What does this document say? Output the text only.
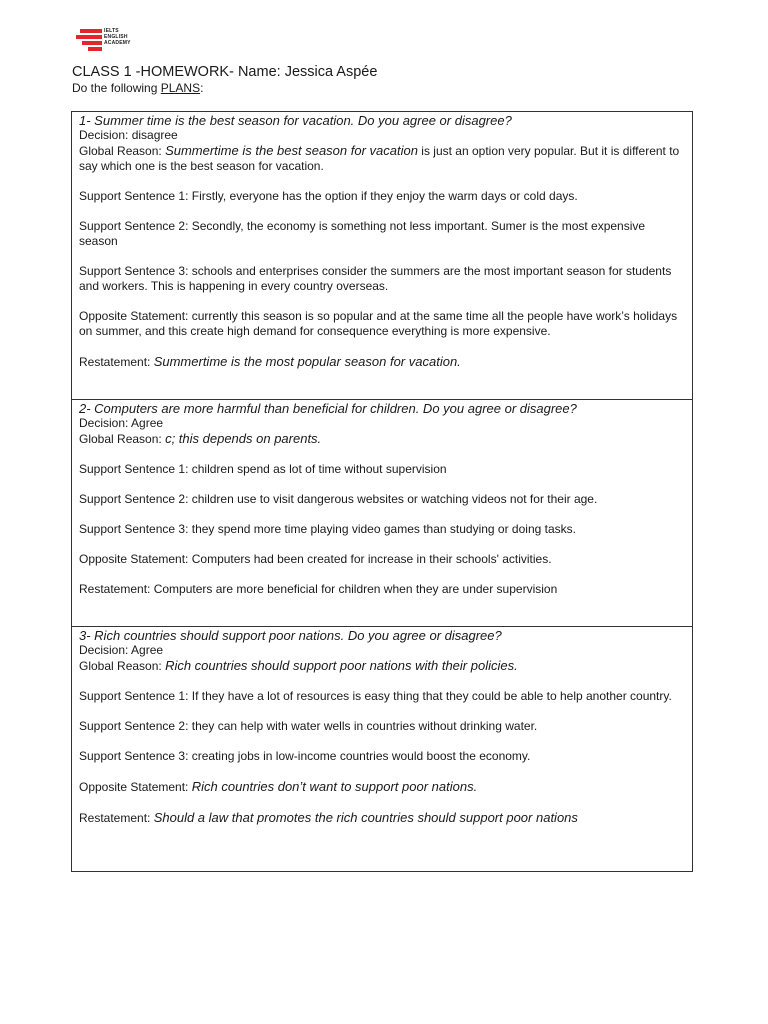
IELTS
ENGLISH
ACADEMY
CLASS 1 -HOMEWORK- Name: Jessica Aspée
Do the following PLANS:
1- Summer time is the best season for vacation. Do you agree or disagree?
Decision: disagree
Global Reason: Summertime is the best season for vacation is just an option very popular. But it is different to say which one is the best season for vacation.
Support Sentence 1: Firstly, everyone has the option if they enjoy the warm days or cold days.
Support Sentence 2: Secondly, the economy is something not less important. Sumer is the most expensive season
Support Sentence 3: schools and enterprises consider the summers are the most important season for students and workers. This is happening in every country overseas.
Opposite Statement: currently this season is so popular and at the same time all the people have work’s holidays on summer, and this create high demand for consequence everything is more expensive.
Restatement: Summertime is the most popular season for vacation.
2- Computers are more harmful than beneficial for children. Do you agree or disagree?
Decision: Agree
Global Reason: c; this depends on parents.
Support Sentence 1: children spend as lot of time without supervision
Support Sentence 2: children use to visit dangerous websites or watching videos not for their age.
Support Sentence 3: they spend more time playing video games than studying or doing tasks.
Opposite Statement: Computers had been created for increase in their schools' activities.
Restatement: Computers are more beneficial for children when they are under supervision
3- Rich countries should support poor nations. Do you agree or disagree?
Decision: Agree
Global Reason: Rich countries should support poor nations with their policies.
Support Sentence 1: If they have a lot of resources is easy thing that they could be able to help another country.
Support Sentence 2: they can help with water wells in countries without drinking water.
Support Sentence 3: creating jobs in low-income countries would boost the economy.
Opposite Statement: Rich countries don’t want to support poor nations.
Restatement: Should a law that promotes the rich countries should support poor nations
